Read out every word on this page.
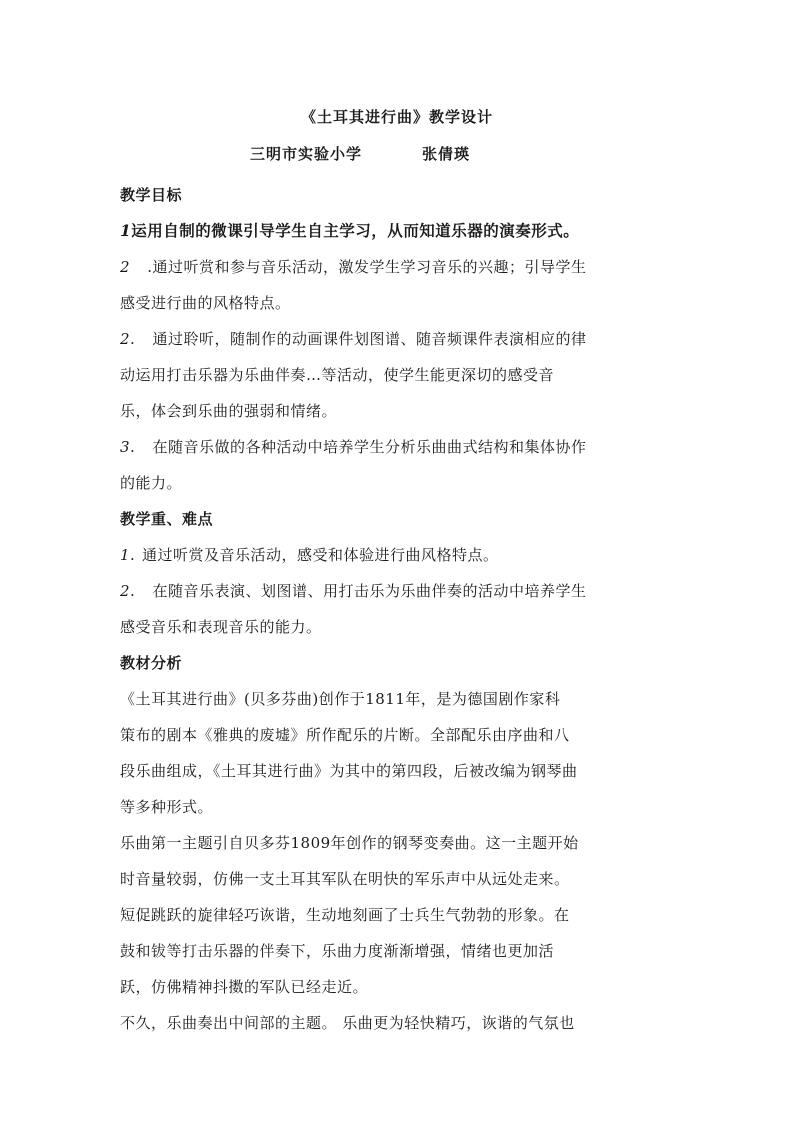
《土耳其进行曲》教学设计
三明市实验小学	张倩瑛
教学目标
1运用自制的微课引导学生自主学习，从而知道乐器的演奏形式。
2 .通过听赏和参与音乐活动，激发学生学习音乐的兴趣；引导学生
感受进行曲的风格特点。
2. 通过聆听，随制作的动画课件划图谱、随音频课件表演相应的律
动运用打击乐器为乐曲伴奏…等活动，使学生能更深切的感受音
乐，体会到乐曲的强弱和情绪。
3. 在随音乐做的各种活动中培养学生分析乐曲曲式结构和集体协作
的能力。
教学重、难点
1. 通过听赏及音乐活动，感受和体验进行曲风格特点。
2. 在随音乐表演、划图谱、用打击乐为乐曲伴奏的活动中培养学生
感受音乐和表现音乐的能力。
教材分析
《土耳其进行曲》(贝多芬曲)创作于1811年，是为德国剧作家科
策布的剧本《雅典的废墟》所作配乐的片断。全部配乐由序曲和八
段乐曲组成，《土耳其进行曲》为其中的第四段，后被改编为钢琴曲
等多种形式。
乐曲第一主题引自贝多芬1809年创作的钢琴变奏曲。这一主题开始
时音量较弱，仿佛一支土耳其军队在明快的军乐声中从远处走来。
短促跳跃的旋律轻巧诙谐，生动地刻画了士兵生气勃勃的形象。在
鼓和钹等打击乐器的伴奏下，乐曲力度渐渐增强，情绪也更加活
跃，仿佛精神抖擞的军队已经走近。
不久，乐曲奏出中间部的主题。 乐曲更为轻快精巧，诙谐的气氛也
